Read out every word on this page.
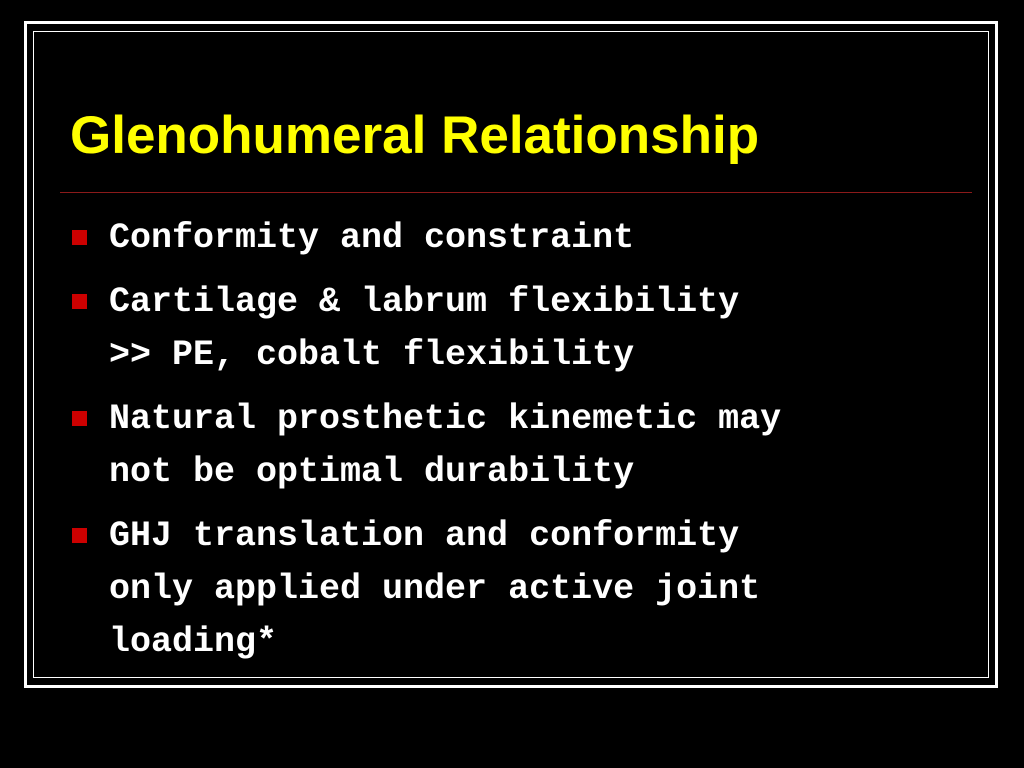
Glenohumeral Relationship
Conformity and constraint
Cartilage & labrum flexibility
>> PE, cobalt flexibility
Natural prosthetic kinemetic may
not be optimal durability
GHJ translation and conformity
only applied under active joint
loading*
